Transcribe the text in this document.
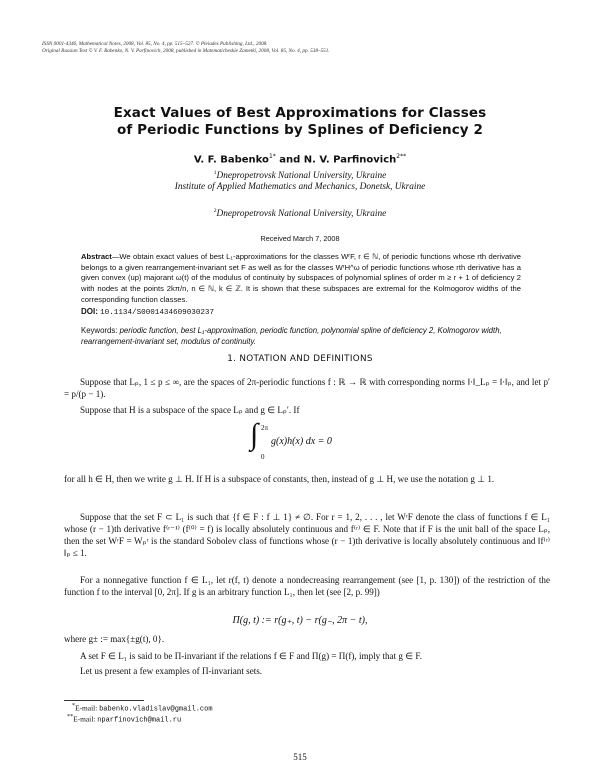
ISSN 0001-4346, Mathematical Notes, 2008, Vol. 85, No. 4, pp. 515–527. © Pleiades Publishing, Ltd., 2008.
Original Russian Text © V. F. Babenko, N. V. Parfinovich, 2008, published in Matematicheskie Zametki, 2008, Vol. 85, No. 4, pp. 538–551.
Exact Values of Best Approximations for Classes
of Periodic Functions by Splines of Deficiency 2
V. F. Babenko$^{1*}$ and N. V. Parfinovich$^{2**}$
$^1$Dnepropetrovsk National University, Ukraine
Institute of Applied Mathematics and Mechanics, Donetsk, Ukraine
$^2$Dnepropetrovsk National University, Ukraine
Received March 7, 2008
Abstract—We obtain exact values of best L₁-approximations for the classes WʳF, r ∈ ℕ, of periodic functions whose rth derivative belongs to a given rearrangement-invariant set F as well as for the classes WʳH^ω of periodic functions whose rth derivative has a given convex (up) majorant ω(t) of the modulus of continuity by subspaces of polynomial splines of order m ≥ r + 1 of deficiency 2 with nodes at the points 2kπ/n, n ∈ ℕ, k ∈ ℤ. It is shown that these subspaces are extremal for the Kolmogorov widths of the corresponding function classes.
DOI: 10.1134/S0001434609030237
Keywords: periodic function, best L₁-approximation, periodic function, polynomial spline of deficiency 2, Kolmogorov width, rearrangement-invariant set, modulus of continuity.
1. NOTATION AND DEFINITIONS

Suppose that Lₚ, 1 ≤ p ≤ ∞, are the spaces of 2π-periodic functions f : ℝ → ℝ with corresponding norms ‖·‖_Lₚ = ‖·‖ₚ, and let p′ = p/(p − 1).

Suppose that H is a subspace of the space Lₚ and g ∈ Lₚ′. If

∫ 2π
0
g(x)h(x) dx = 0

for all h ∈ H, then we write g ⊥ H. If H is a subspace of constants, then, instead of g ⊥ H, we use the notation g ⊥ 1.

Suppose that the set F ⊂ L₁ is such that {f ∈ F : f ⊥ 1} ≠ ∅. For r = 1, 2, . . . , let WʳF denote the class of functions f ∈ L₁ whose (r − 1)th derivative f⁽ʳ⁻¹⁾ (f⁽⁰⁾ = f) is locally absolutely continuous and f⁽ʳ⁾ ∈ F. Note that if F is the unit ball of the space Lₚ, then the set WʳF = Wₚʳ is the standard Sobolev class of functions whose (r − 1)th derivative is locally absolutely continuous and ‖f⁽ʳ⁾‖ₚ ≤ 1.

For a nonnegative function f ∈ L₁, let r(f, t) denote a nondecreasing rearrangement (see [1, p. 130]) of the restriction of the function f to the interval [0, 2π]. If g is an arbitrary function L₁, then let (see [2, p. 99])

Π(g, t) := r(g₊, t) − r(g₋, 2π − t),

where g± := max{±g(t), 0}.

A set F ∈ L₁ is said to be Π-invariant if the relations f ∈ F and Π(g) = Π(f), imply that g ∈ F.

Let us present a few examples of Π-invariant sets.

*E-mail: babenko.vladislav@gmail.com
**E-mail: nparfinovich@mail.ru
515
